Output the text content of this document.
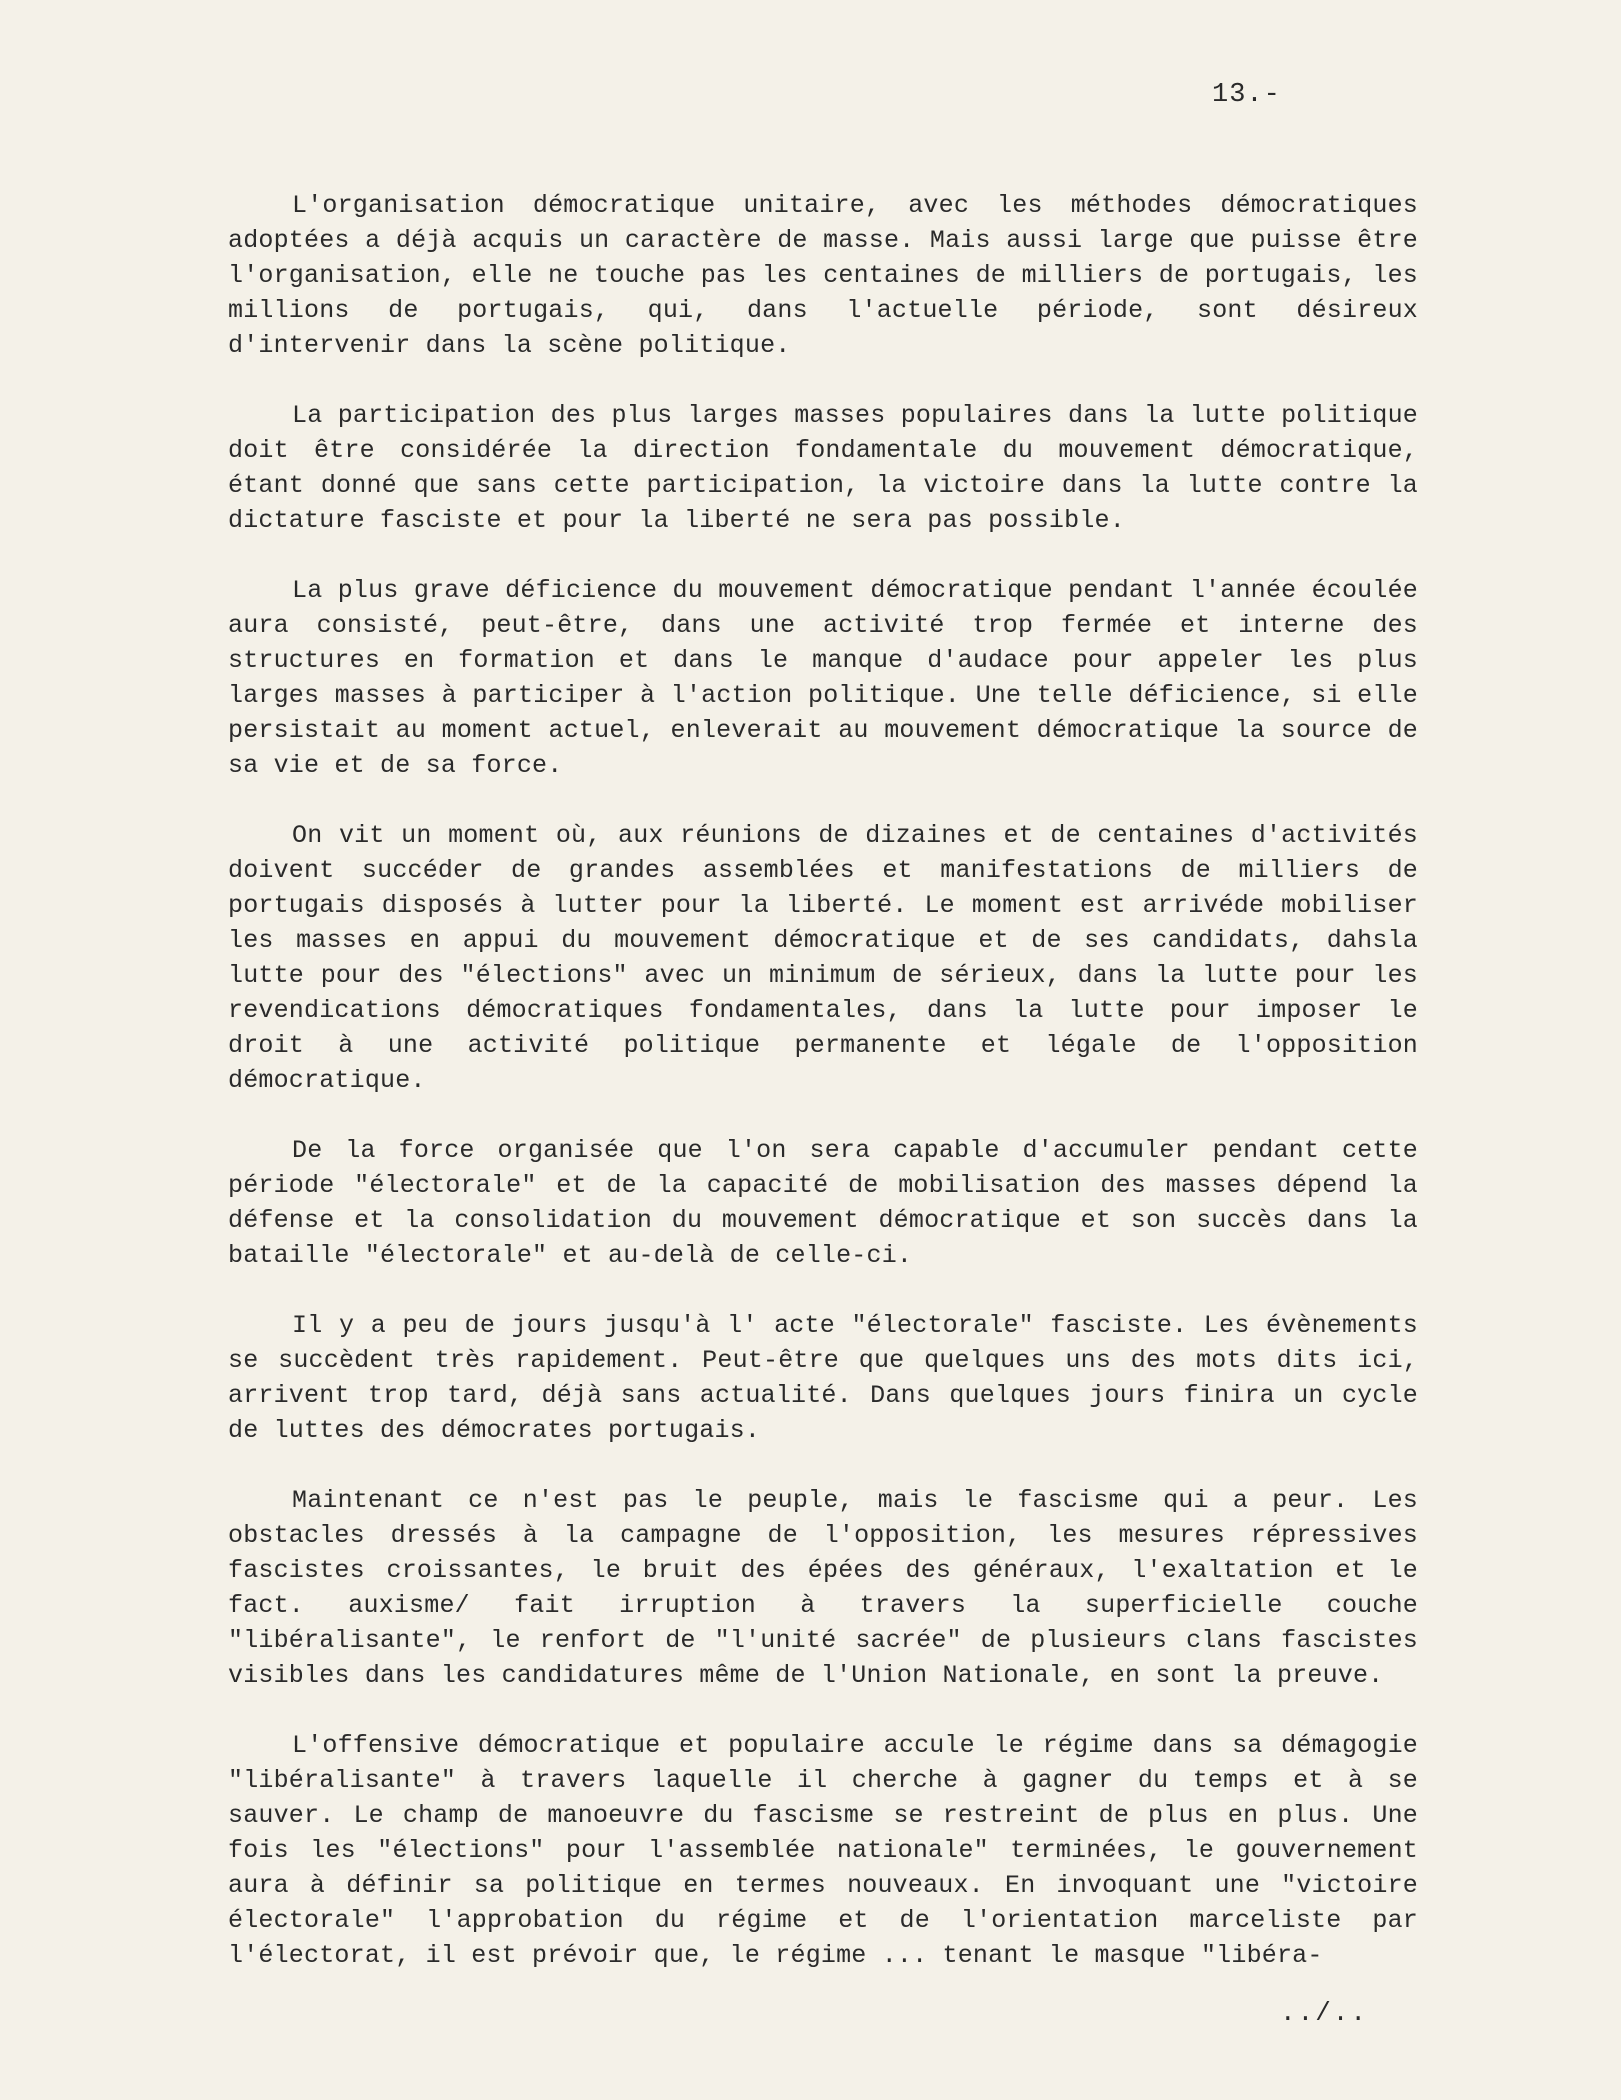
13.-

L'organisation démocratique unitaire, avec les méthodes démocratiques adoptées a déjà acquis un caractère de masse. Mais aussi large que puisse être l'organisation, elle ne touche pas les centaines de milliers de portugais, les millions de portugais, qui, dans l'actuelle période, sont désireux d'intervenir dans la scène politique.

La participation des plus larges masses populaires dans la lutte politique doit être considérée la direction fondamentale du mouvement démocratique, étant donné que sans cette participation, la victoire dans la lutte contre la dictature fasciste et pour la liberté ne sera pas possible.

La plus grave déficience du mouvement démocratique pendant l'année écoulée aura consisté, peut-être, dans une activité trop fermée et interne des structures en formation et dans le manque d'audace pour appeler les plus larges masses à participer à l'action politique. Une telle déficience, si elle persistait au moment actuel, enleverait au mouvement démocratique la source de sa vie et de sa force.

On vit un moment où, aux réunions de dizaines et de centaines d'activités doivent succéder de grandes assemblées et manifestations de milliers de portugais disposés à lutter pour la liberté. Le moment est arrivéde mobiliser les masses en appui du mouvement démocratique et de ses candidats, dahsla lutte pour des "élections" avec un minimum de sérieux, dans la lutte pour les revendications démocratiques fondamentales, dans la lutte pour imposer le droit à une activité politique permanente et légale de l'opposition démocratique.

De la force organisée que l'on sera capable d'accumuler pendant cette période "électorale" et de la capacité de mobilisation des masses dépend la défense et la consolidation du mouvement démocratique et son succès dans la bataille "électorale" et au-delà de celle-ci.

Il y a peu de jours jusqu'à l' acte "électorale" fasciste. Les évènements se succèdent très rapidement. Peut-être que quelques uns des mots dits ici, arrivent trop tard, déjà sans actualité. Dans quelques jours finira un cycle de luttes des démocrates portugais.

Maintenant ce n'est pas le peuple, mais le fascisme qui a peur. Les obstacles dressés à la campagne de l'opposition, les mesures répressives fascistes croissantes, le bruit des épées des généraux, l'exaltation et le fact. auxisme/ fait irruption à travers la superficielle couche "libéralisante", le renfort de "l'unité sacrée" de plusieurs clans fascistes visibles dans les candidatures même de l'Union Nationale, en sont la preuve.

L'offensive démocratique et populaire accule le régime dans sa démagogie "libéralisante" à travers laquelle il cherche à gagner du temps et à se sauver. Le champ de manoeuvre du fascisme se restreint de plus en plus. Une fois les "élections" pour l'assemblée nationale" terminées, le gouvernement aura à définir sa politique en termes nouveaux. En invoquant une "victoire électorale" l'approbation du régime et de l'orientation marceliste par l'électorat, il est prévoir que, le régime ... tenant le masque "libéra-

../..
